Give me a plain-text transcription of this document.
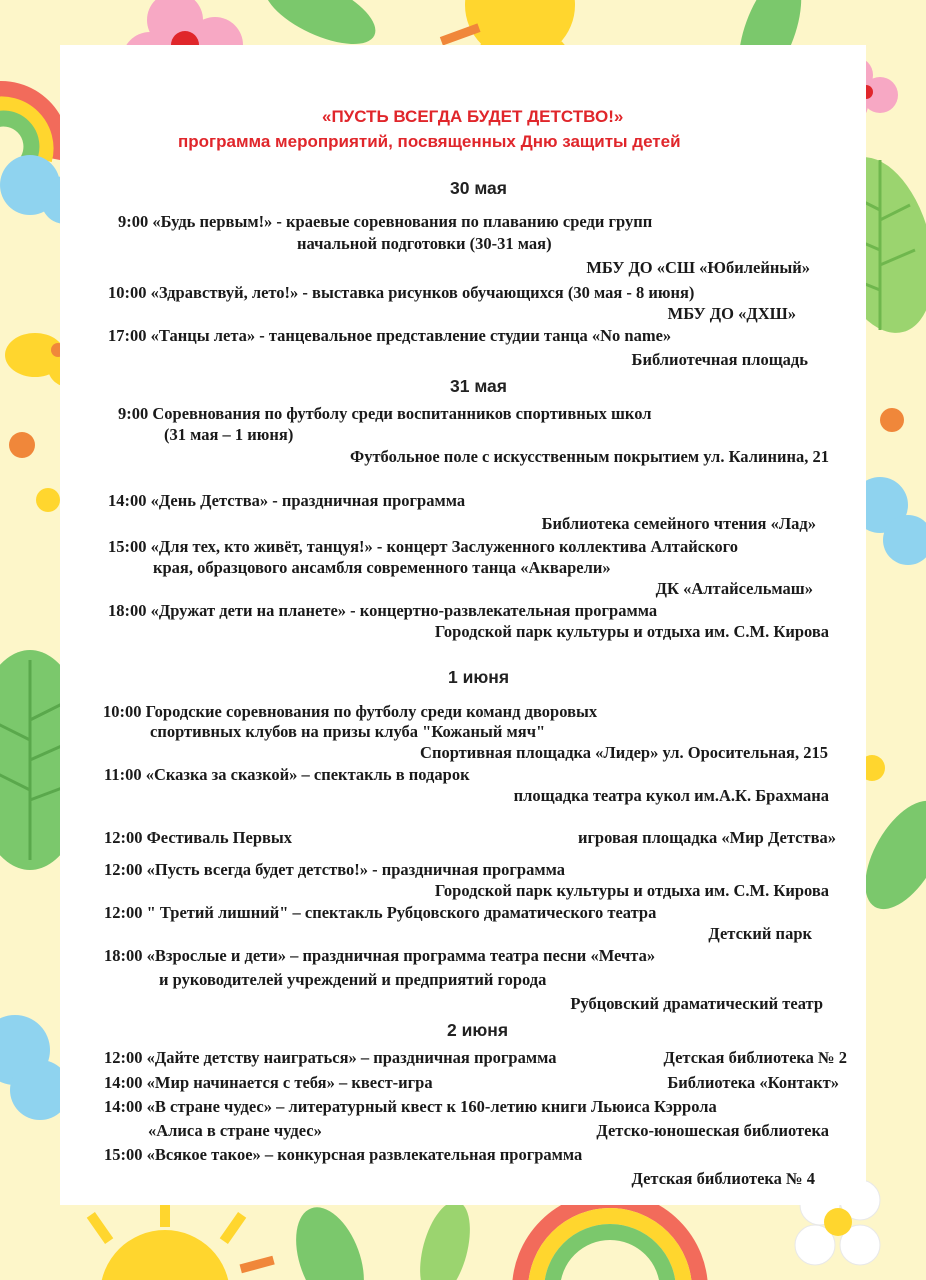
«ПУСТЬ ВСЕГДА БУДЕТ ДЕТСТВО!»
программа мероприятий, посвященных Дню защиты детей
30 мая
9:00 «Будь первым!» - краевые соревнования по плаванию среди групп
начальной подготовки (30-31 мая)
МБУ ДО «СШ «Юбилейный»
10:00 «Здравствуй, лето!» - выставка рисунков обучающихся (30 мая - 8 июня)
МБУ ДО «ДХШ»
17:00 «Танцы лета» - танцевальное представление студии танца «No name»
Библиотечная площадь
31 мая
9:00 Соревнования по футболу среди воспитанников спортивных школ
(31 мая – 1 июня)
Футбольное поле с искусственным покрытием ул. Калинина, 21
14:00 «День Детства» - праздничная программа
Библиотека семейного чтения «Лад»
15:00 «Для тех, кто живёт, танцуя!» - концерт Заслуженного коллектива Алтайского
края, образцового ансамбля современного танца «Акварели»
ДК «Алтайсельмаш»
18:00 «Дружат дети на планете» - концертно-развлекательная программа
Городской парк культуры и отдыха им. С.М. Кирова
1 июня
10:00 Городские соревнования по футболу среди команд дворовых
спортивных клубов на призы клуба "Кожаный мяч"
Спортивная площадка «Лидер» ул. Оросительная, 215
11:00 «Сказка за сказкой» – спектакль в подарок
площадка театра кукол им.А.К. Брахмана
12:00 Фестиваль Первых	игровая площадка «Мир Детства»
12:00 «Пусть всегда будет детство!» - праздничная программа
Городской парк культуры и отдыха им. С.М. Кирова
12:00 " Третий лишний" – спектакль Рубцовского драматического театра
Детский парк
18:00 «Взрослые и дети» – праздничная программа театра песни «Мечта»
и руководителей учреждений и предприятий города
Рубцовский драматический театр
2 июня
12:00 «Дайте детству наиграться» – праздничная программа	Детская библиотека № 2
14:00 «Мир начинается с тебя» – квест-игра	Библиотека «Контакт»
14:00 «В стране чудес» – литературный квест к 160-летию книги Льюиса Кэррола
«Алиса в стране чудес»	Детско-юношеская библиотека
15:00 «Всякое такое» – конкурсная развлекательная программа
Детская библиотека № 4
